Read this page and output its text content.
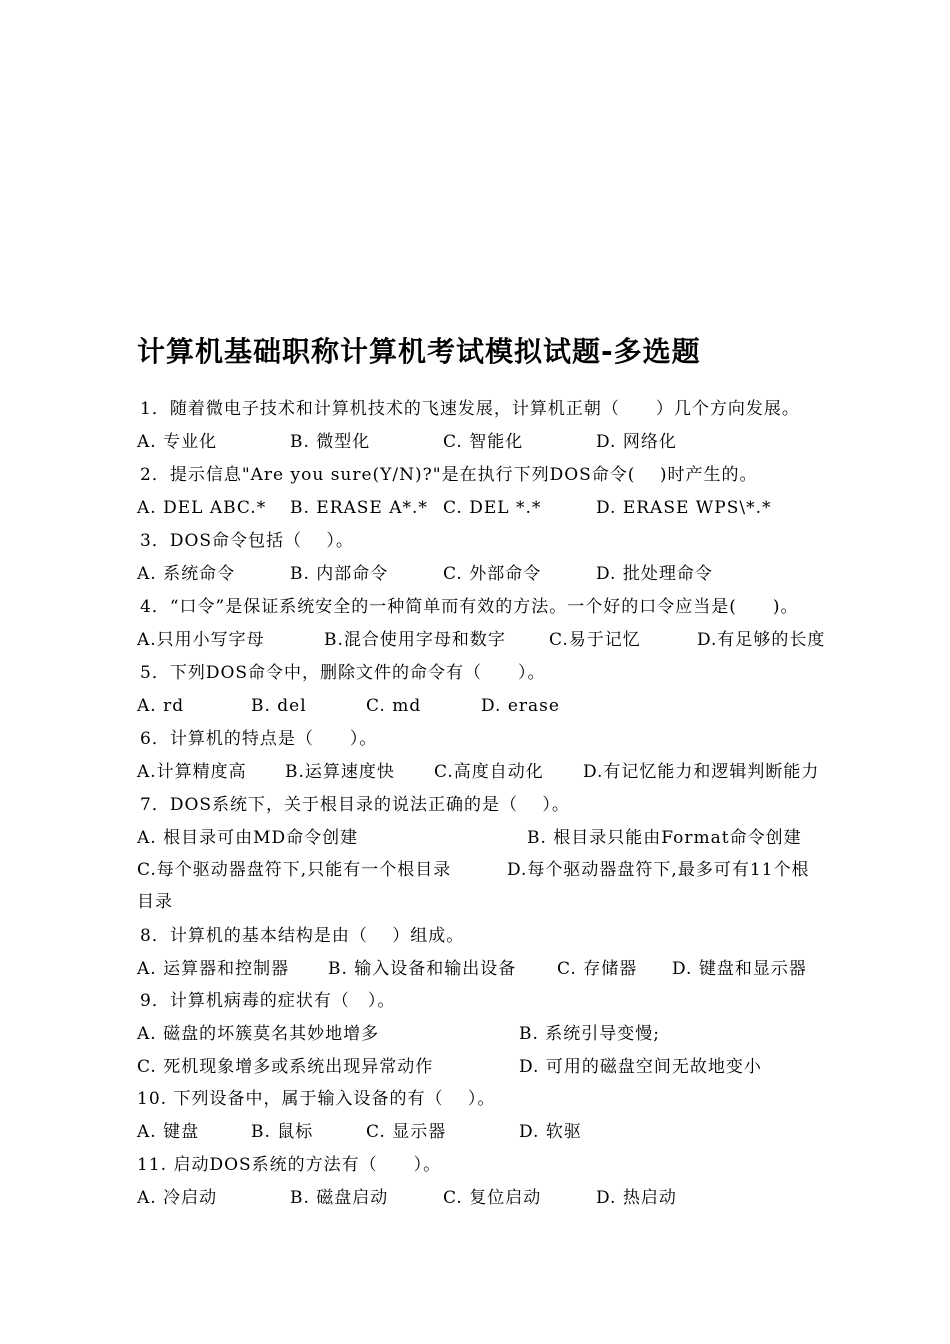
计算机基础职称计算机考试模拟试题-多选题
1．随着微电子技术和计算机技术的飞速发展，计算机正朝（　　）几个方向发展。
A. 专业化	B. 微型化	C. 智能化	D. 网络化
2．提示信息"Are you sure(Y/N)?"是在执行下列DOS命令(　 )时产生的。
A. DEL ABC.* B. ERASE A*.* C. DEL *.*	D. ERASE WPS\*.*
3．DOS命令包括（　 ）。
A. 系统命令	B. 内部命令	C. 外部命令	D. 批处理命令
4．“口令”是保证系统安全的一种简单而有效的方法。一个好的口令应当是(　　)。
A.只用小写字母	B.混合使用字母和数字	C.易于记忆	D.有足够的长度
5．下列DOS命令中，删除文件的命令有（　　）。
A. rd	B. del	C. md	D. erase
6．计算机的特点是（　　）。
A.计算精度高 B.运算速度快 C.高度自动化 D.有记忆能力和逻辑判断能力
7．DOS系统下，关于根目录的说法正确的是（　 ）。
A. 根目录可由MD命令创建	B. 根目录只能由Format命令创建
C.每个驱动器盘符下,只能有一个根目录	D.每个驱动器盘符下,最多可有11个根
目录
8．计算机的基本结构是由（　 ）组成。
A. 运算器和控制器 B. 输入设备和输出设备 C. 存储器 D. 键盘和显示器
9．计算机病毒的症状有（　）。
A. 磁盘的坏簇莫名其妙地增多	B. 系统引导变慢;
C. 死机现象增多或系统出现异常动作	D. 可用的磁盘空间无故地变小
10. 下列设备中，属于输入设备的有（　 ）。
A. 键盘	B. 鼠标	C. 显示器	D. 软驱
11. 启动DOS系统的方法有（　　）。
A. 冷启动	B. 磁盘启动	C. 复位启动	D. 热启动
